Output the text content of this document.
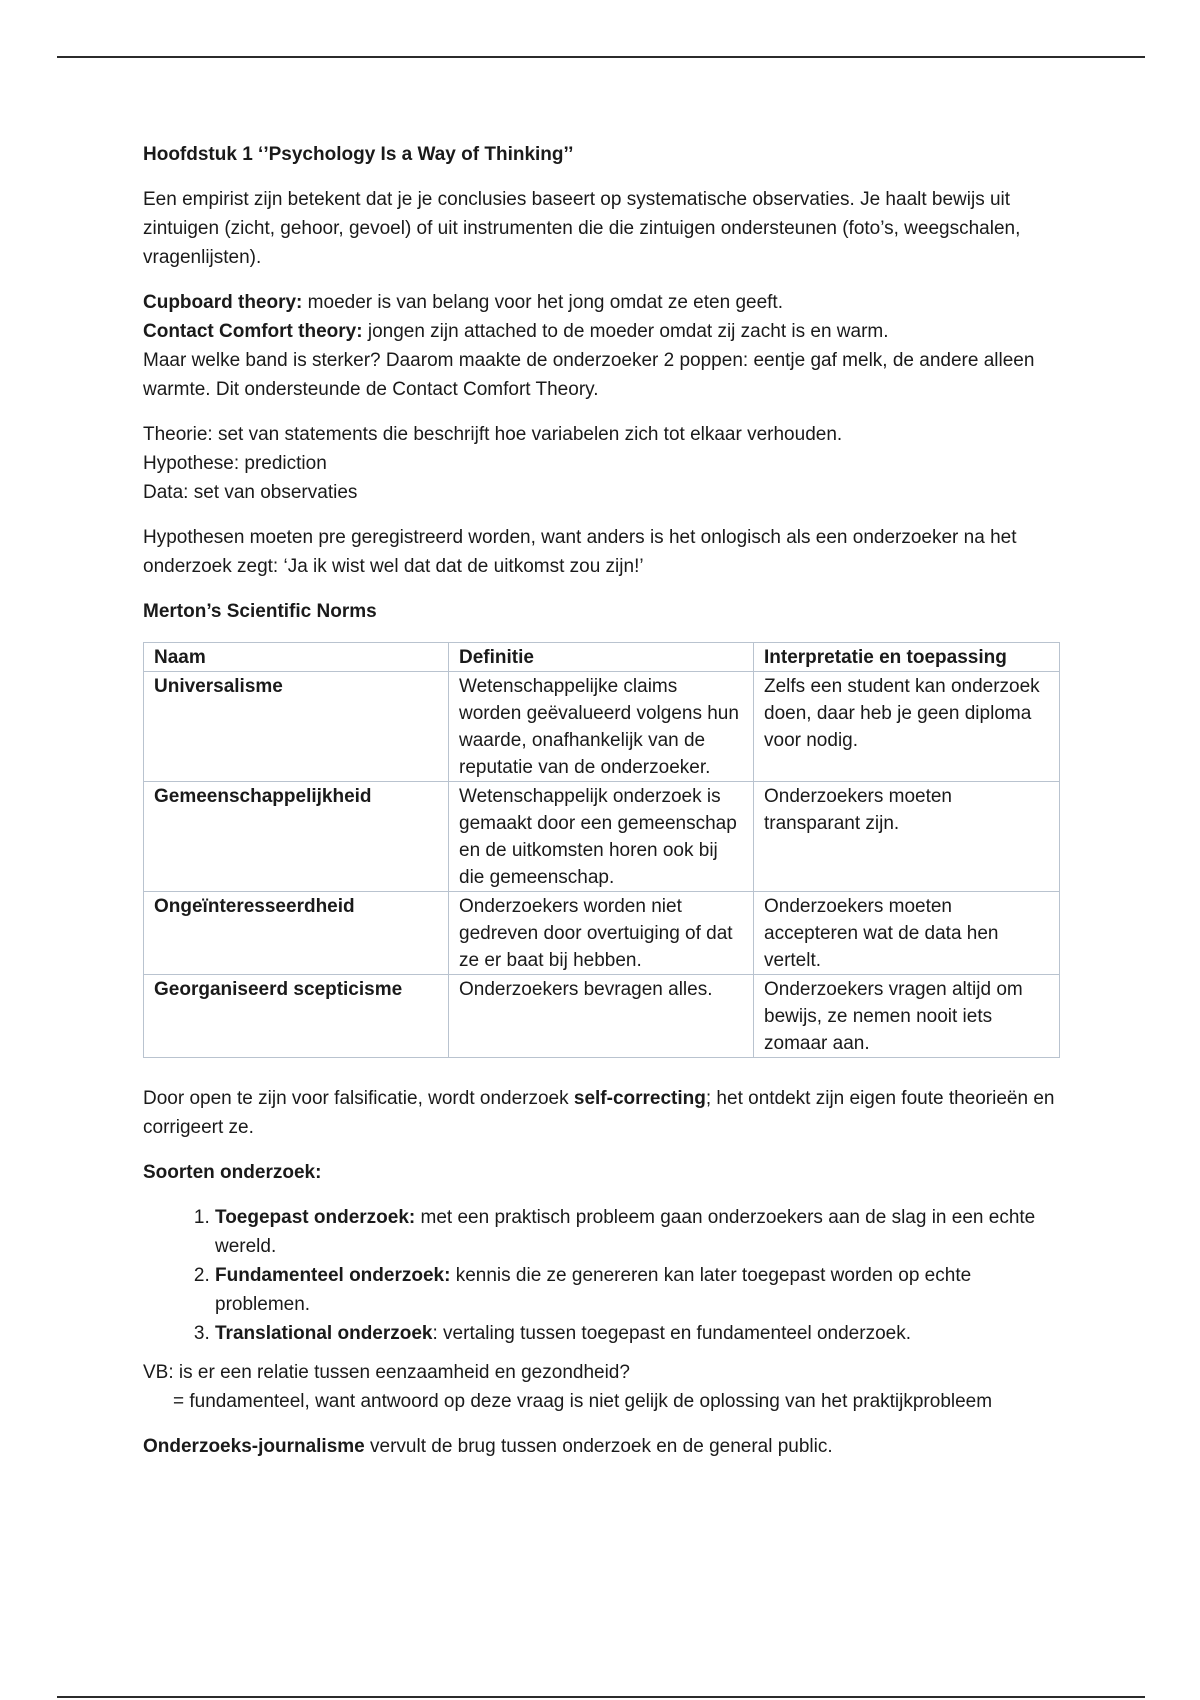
Hoofdstuk 1 ‘’Psychology Is a Way of Thinking’’

Een empirist zijn betekent dat je je conclusies baseert op systematische observaties. Je haalt bewijs uit zintuigen (zicht, gehoor, gevoel) of uit instrumenten die die zintuigen ondersteunen (foto’s, weegschalen, vragenlijsten).

Cupboard theory: moeder is van belang voor het jong omdat ze eten geeft.
Contact Comfort theory: jongen zijn attached to de moeder omdat zij zacht is en warm.
Maar welke band is sterker? Daarom maakte de onderzoeker 2 poppen: eentje gaf melk, de andere alleen warmte. Dit ondersteunde de Contact Comfort Theory.

Theorie: set van statements die beschrijft hoe variabelen zich tot elkaar verhouden.
Hypothese: prediction
Data: set van observaties

Hypothesen moeten pre geregistreerd worden, want anders is het onlogisch als een onderzoeker na het onderzoek zegt: ‘Ja ik wist wel dat dat de uitkomst zou zijn!’

Merton’s Scientific Norms

Naam	Definitie	Interpretatie en toepassing
Universalisme	Wetenschappelijke claims worden geëvalueerd volgens hun waarde, onafhankelijk van de reputatie van de onderzoeker.	Zelfs een student kan onderzoek doen, daar heb je geen diploma voor nodig.
Gemeenschappelijkheid	Wetenschappelijk onderzoek is gemaakt door een gemeenschap en de uitkomsten horen ook bij die gemeenschap.	Onderzoekers moeten transparant zijn.
Ongeïnteresseerdheid	Onderzoekers worden niet gedreven door overtuiging of dat ze er baat bij hebben.	Onderzoekers moeten accepteren wat de data hen vertelt.
Georganiseerd scepticisme	Onderzoekers bevragen alles.	Onderzoekers vragen altijd om bewijs, ze nemen nooit iets zomaar aan.

Door open te zijn voor falsificatie, wordt onderzoek self-correcting; het ontdekt zijn eigen foute theorieën en corrigeert ze.

Soorten onderzoek:

1. Toegepast onderzoek: met een praktisch probleem gaan onderzoekers aan de slag in een echte wereld.
2. Fundamenteel onderzoek: kennis die ze genereren kan later toegepast worden op echte problemen.
3. Translational onderzoek: vertaling tussen toegepast en fundamenteel onderzoek.

VB: is er een relatie tussen eenzaamheid en gezondheid?
= fundamenteel, want antwoord op deze vraag is niet gelijk de oplossing van het praktijkprobleem

Onderzoeks-journalisme vervult de brug tussen onderzoek en de general public.
